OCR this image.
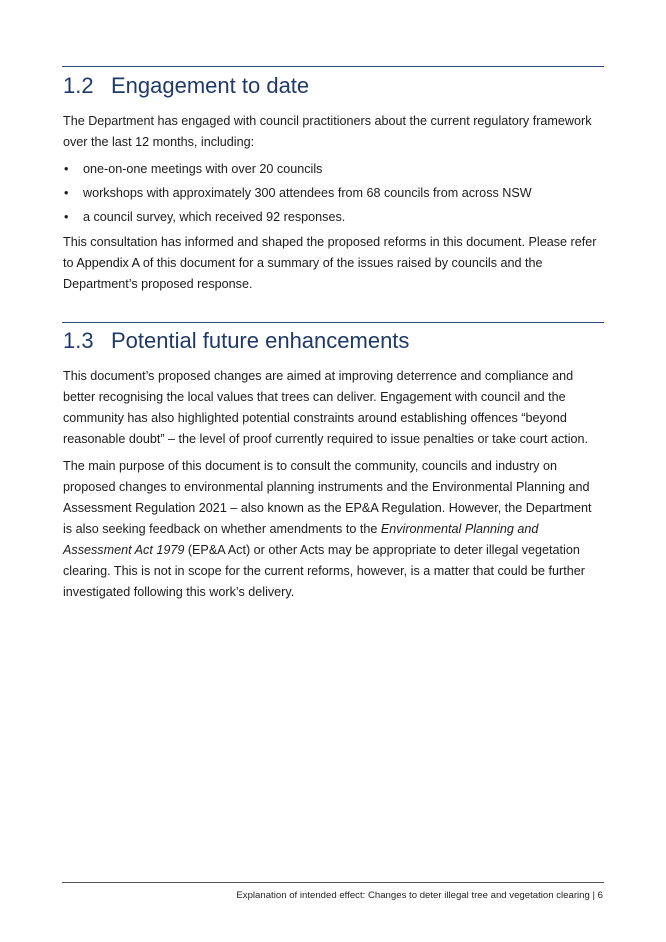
1.2 Engagement to date

The Department has engaged with council practitioners about the current regulatory framework over the last 12 months, including:

• one-on-one meetings with over 20 councils
• workshops with approximately 300 attendees from 68 councils from across NSW
• a council survey, which received 92 responses.

This consultation has informed and shaped the proposed reforms in this document. Please refer to Appendix A of this document for a summary of the issues raised by councils and the Department’s proposed response.

1.3 Potential future enhancements

This document’s proposed changes are aimed at improving deterrence and compliance and better recognising the local values that trees can deliver. Engagement with council and the community has also highlighted potential constraints around establishing offences “beyond reasonable doubt” – the level of proof currently required to issue penalties or take court action.

The main purpose of this document is to consult the community, councils and industry on proposed changes to environmental planning instruments and the Environmental Planning and Assessment Regulation 2021 – also known as the EP&A Regulation. However, the Department is also seeking feedback on whether amendments to the Environmental Planning and Assessment Act 1979 (EP&A Act) or other Acts may be appropriate to deter illegal vegetation clearing. This is not in scope for the current reforms, however, is a matter that could be further investigated following this work’s delivery.

Explanation of intended effect: Changes to deter illegal tree and vegetation clearing | 6
